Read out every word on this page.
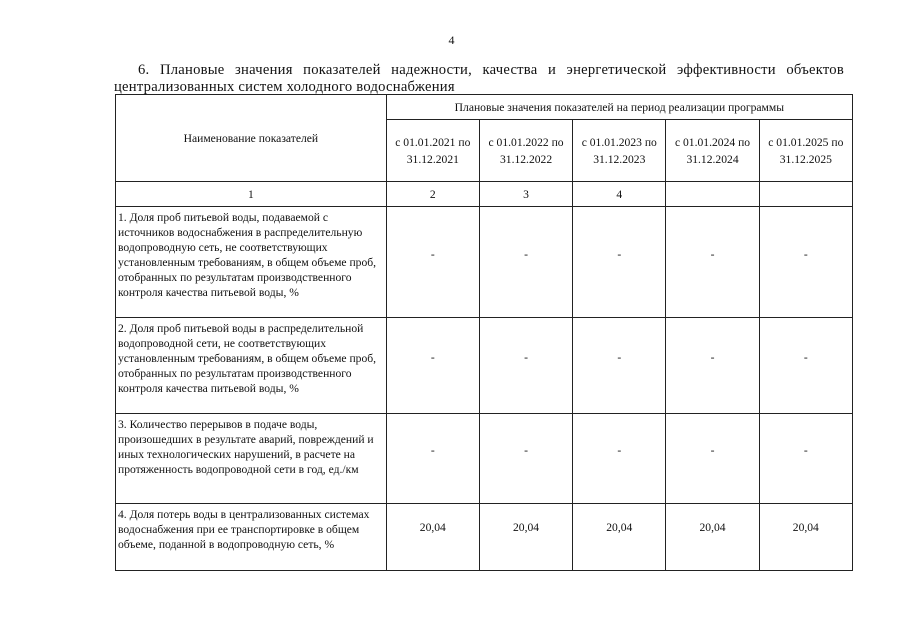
4
6. Плановые значения показателей надежности, качества и энергетической эффективности объектов централизованных систем холодного водоснабжения
Наименование показателей	Плановые значения показателей на период реализации программы				
	с 01.01.2021 по 31.12.2021	с 01.01.2022 по 31.12.2022	с 01.01.2023 по 31.12.2023	с 01.01.2024 по 31.12.2024	с 01.01.2025 по 31.12.2025
1	2	3	4		
1. Доля проб питьевой воды, подаваемой с источников водоснабжения в распределительную водопроводную сеть, не соответствующих установленным требованиям, в общем объеме проб, отобранных по результатам производственного контроля качества питьевой воды, %	-	-	-	-	-
2. Доля проб питьевой воды в распределительной водопроводной сети, не соответствующих установленным требованиям, в общем объеме проб, отобранных по результатам производственного контроля качества питьевой воды, %	-	-	-	-	-
3. Количество перерывов в подаче воды, произошедших в результате аварий, повреждений и иных технологических нарушений, в расчете на протяженность водопроводной сети в год, ед./км	-	-	-	-	-
4. Доля потерь воды в централизованных системах водоснабжения при ее транспортировке в общем объеме, поданной в водопроводную сеть, %	20,04	20,04	20,04	20,04	20,04
